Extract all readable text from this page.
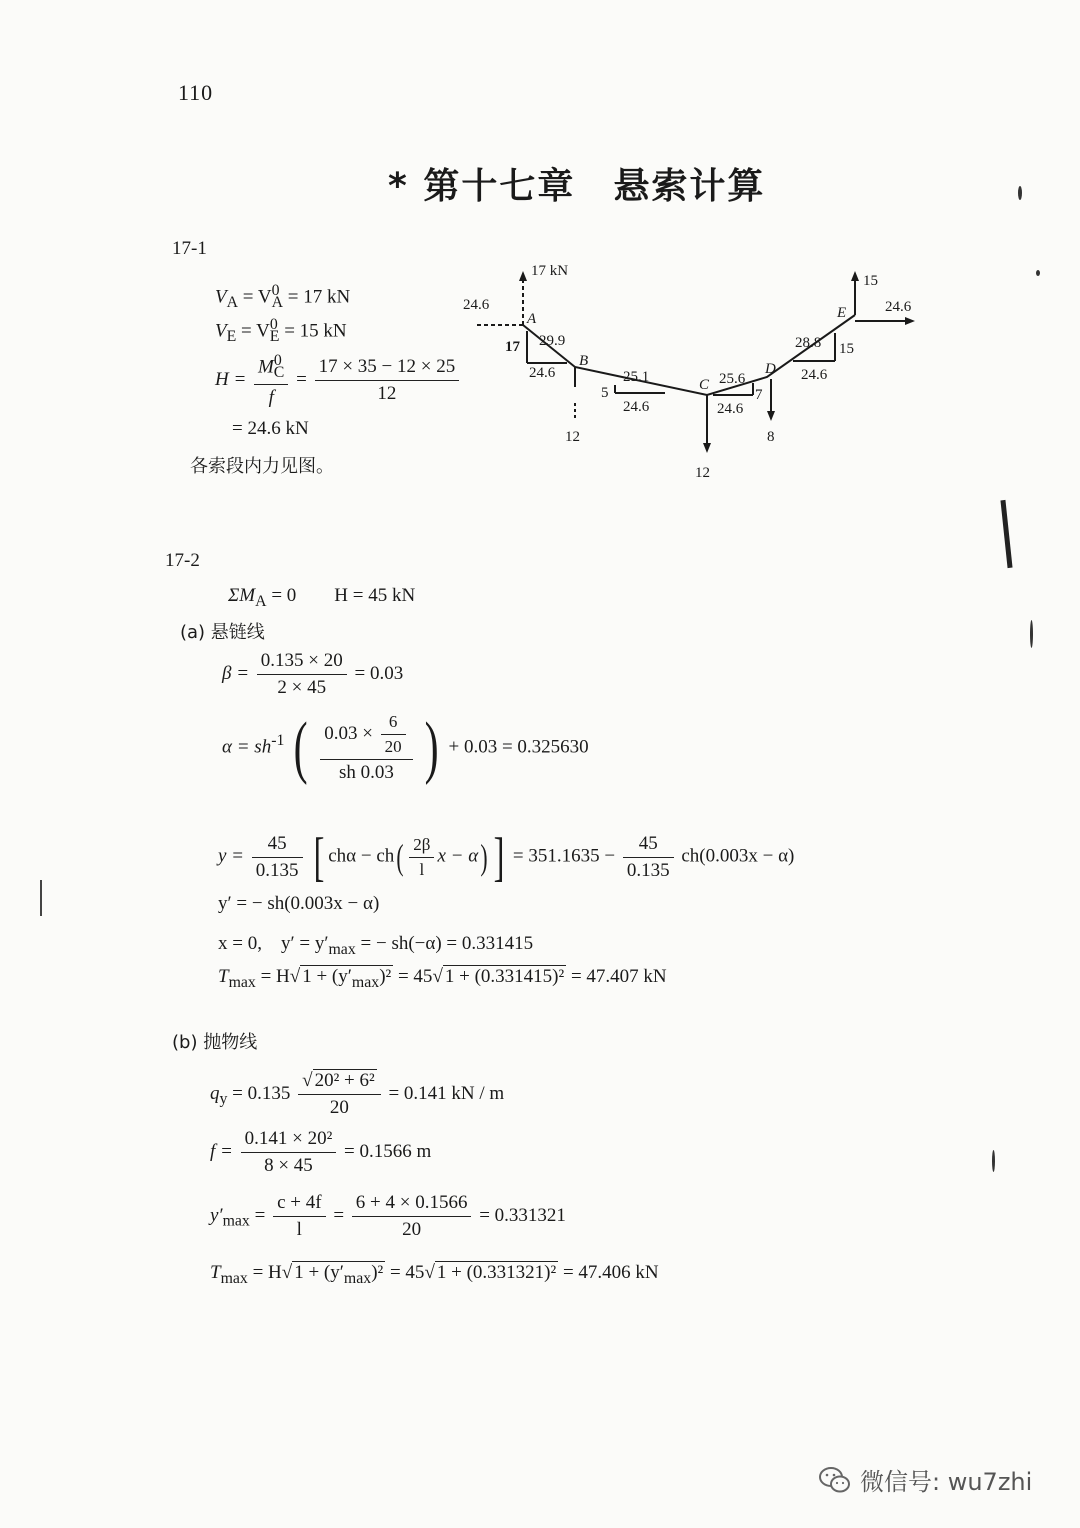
110
* 第十七章　悬索计算
17-1
$V_A = V^0_A = 17$ kN
$V_E = V^0_E = 15$ kN
$H = \frac{M^0_C}{f} = \frac{17 \times 35 - 12 \times 25}{12}$
= 24.6 kN
各索段内力见图。
17 kN
24.6
A
29.9
17
24.6
B
12
25.1
5
24.6
C
12
25.6
7
24.6
D
8
28.8 15
24.6
E
15
24.6
17-2
$\Sigma M_A = 0$　　H = 45 kN
(a) 悬链线
$\beta = \frac{0.135 \times 20}{2 \times 45} = 0.03$
$\alpha = sh^{-1}$ ( $\frac{0.03 \times \frac{6}{20}}{sh 0.03}$ ) + 0.03 = 0.325630
$y = \frac{45}{0.135}$ [ $ch\alpha - ch( \frac{2\beta}{l}$ x − α) ] = $351.1635 - \frac{45}{0.135} ch(0.003x - \alpha)$
y′ = − sh(0.003x − α)
x = 0,　$y' = y'_{max}$ = − sh(−α) = 0.331415
$T_{max} = H√$ $1 + (y'_{max})^2 = 45√$ 1 + (0.331415)² = 47.407 kN
(b) 抛物线
$q_y = 0.135 \frac{\text{√ 20² + 6²}}{20} = 0.141$ kN / m
$f = \frac{\text{0.141 × 20²}}{8 \times 45} = 0.1566$ m
$y'_{max} = \frac{c + 4f}{l} = \frac{6 + 4 \times 0.1566}{20} = 0.331321$
$T_{max} = H√$ $1 + (y'_{max})^2 = 45√$ 1 + (0.331321)² = 47.406 kN
微信号: wu7zhi
